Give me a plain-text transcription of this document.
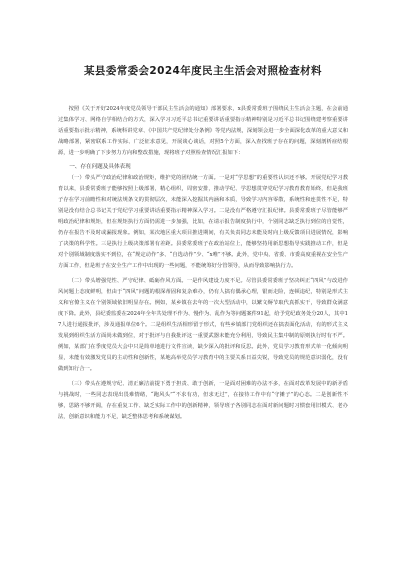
某县委常委会2024年度民主生活会对照检查材料

按照《关于开好2024年度党员领导干部民主生活会的通知》部署要求，x县委常委班子围绕民主生活会主题，在会前通过集体学习、网络自学相结合的方式，深入学习习近平总书记重要讲话重要指示精神特别是习近平总书记围绕建考察重要讲话重要指示批示精神，系统科讲党章、《中国共产党纪律处分条例》等党内法规，深刻领会进一步全面深化改革的重大意义和战略部署，紧密联系工作实际、广泛征求意见，开展谈心谈话，对照5个方面，深入查找班子存在的问题，深刻剖析症结根源，进一步明确了下步努力方向和整改措施，现将班子对照检查情况汇报如下：

一、存在问题及具体表现

（一）带头严守政治纪律和政治规矩，维护党的团结统一方面。一是对“学思想”的重要性认识还不够。开展党纪学习教育以来，县委常委班子能够按照上级部署，精心组织，周密安排，推动学纪、学思想贯穿党纪学习教育教育始终，但是我班子存在学习前瞻性和对统法规条文的贯彻层次，未能深入挖掘其内涵和本质，导致学习内容零散，系统性和连贯性不足，特别是没有结合总书记关于党纪学习重要讲话重要指示精神深入学习。二是没有严格遵守汇报纪律。县委常委班子尽管能够严明政治纪律和规矩，但在规矩执行方面仍需进一步加强，比如，在请示报告制度执行中，个别同志缺乏执行到位的自觉性，仍存在报告不及时或漏报现象。例如，某次地区重大项目推进期间，有关负责同志未能及时向上级反馈项目进展情况，影响了决策的科学性。三是执行上级决策部署有差距。县委常委班子在政治站位上，能够坚持用新思想指导实践推动工作，但是对个别领域制度落实不到位，在“规定动作”多、“自选动作”少、“x唯”不够。此外，党中央、省委、市委高度重视在安全生产方面工作，但是班子在安全生产工作中出现的一些问题，不能统筹好分管领导，从而导致影响执行力。

（二）带头增强党性、严守纪律、砥砺作风方面。一是作风建设力度不足。尽管县委常委班子坚决纠正“四风”与改进作风问题上态度鲜明，但由于“四风”问题的根深蒂固和复杂难办，仍有人搞有偶承心理，银而走险，连顿违纪，特别是形式主义和官僚主义在个别领域依旧明显存在。例如，某乡镇在去年的一次大型活动中，以繁文缛节取代真抓实干，导致群众满意度下降。此外，县纪委监委在2024年全年共处理不作为、慢作为、乱作为等问题案件91起，给予党纪政务处分20人，其中17人进行通报批评，涉及通报单位6个。二是组织生活相形留于形式，有些乡镇部门党组织还在搞表面化活动，有的形式主义发展到组织生活方面尚未做到位，对于批评与自我批评这一重要武器未能充分利用，导致民主集中制的原则执行时有不严。例如，某部门在季度党员大会中只是简单地进行文件宣读，缺少深入的批评和反思。此外，党员学习教育形式单一化倾向明显，未能有效激发党员的主动性和创新性，某地高举党员学习教育中的主要关系日益尖锐，导致党员的规范意识弱化，没有做到知行合一。

（三）带头在遵规守纪、清正廉洁前提下勇于担责、敢于创新，一是面对困难的办法不多，在面对改革发展中的新矛盾与挑战时，一些同志表现出畏难情绪，“跑风头”“不求有功，但求无过”，在接待工作中有“守摊子”的心态。二是创新性不够，思路不够开阔，存在重复工作、缺乏实际工作中的创新精神，领导班子各别同志在面对新问题时习惯套用旧模式、老办法，创新意识和能力不足，缺乏整体思考和系统谋划。
